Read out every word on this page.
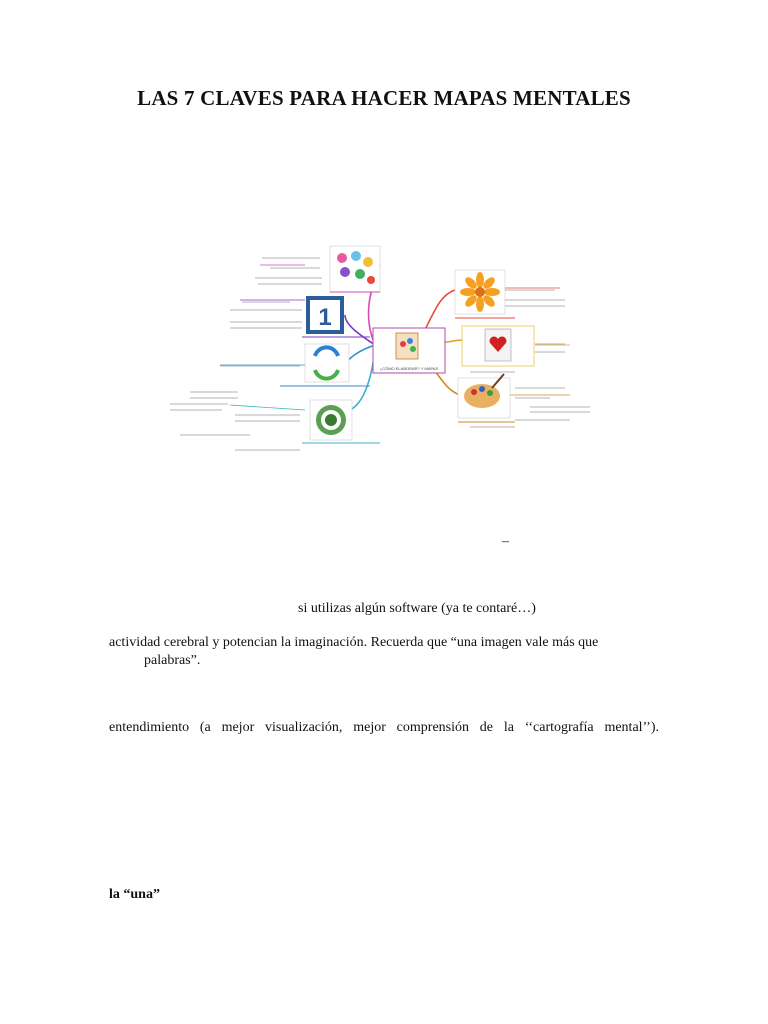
LAS 7 CLAVES PARA HACER MAPAS MENTALES
¿CÓMO ELABORAR? Y MAPAS
1
–
si utilizas algún software (ya te contaré…)
actividad cerebral y potencian la imaginación. Recuerda que “una imagen vale más que
palabras”.
entendimiento (a mejor visualización, mejor comprensión de la ‘‘cartografía mental’’).
la “una”
